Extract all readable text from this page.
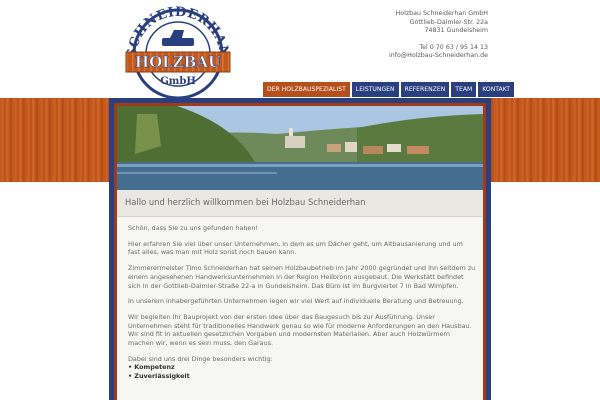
CHNEIDERHA
HOLZBAU
GmbH
Holzbau Schneiderhan GmbH
Gottlieb-Daimler-Str. 22a
74831 Gundelsheim
Tel 0 70 63 / 95 14 13
info@Holzbau-Schneiderhan.de
DER HOLZBAUSPEZIALIST	LEISTUNGEN	REFERENZEN	TEAM	KONTAKT
Hallo und herzlich willkommen bei Holzbau Schneiderhan

Schön, dass Sie zu uns gefunden haben!

Hier erfahren Sie viel über unser Unternehmen, in dem es um Dächer geht, um Altbausanierung und um fast alles, was man mit Holz sonst noch bauen kann.

Zimmerermeister Timo Schneiderhan hat seinen Holzbaubetrieb im Jahr 2000 gegründet und ihn seitdem zu einem angesehenen Handwerksunternehmen in der Region Heilbronn ausgebaut. Die Werkstatt befindet sich in der Gottlieb-Daimler-Straße 22-a in Gundelsheim. Das Büro ist im Burgviertel 7 in Bad Wimpfen.

In unserem inhabergeführten Unternehmen legen wir viel Wert auf individuelle Beratung und Betreuung.

Wir begleiten Ihr Bauprojekt von der ersten Idee über das Baugesuch bis zur Ausführung. Unser Unternehmen steht für traditionelles Handwerk genau so wie für moderne Anforderungen an den Hausbau. Wir sind fit in aktuellen gesetzlichen Vorgaben und modernsten Materialien. Aber auch Holzwürmern machen wir, wenn es sein muss, den Garaus.

Dabei sind uns drei Dinge besonders wichtig:

• Kompetenz
• Zuverlässigkeit
